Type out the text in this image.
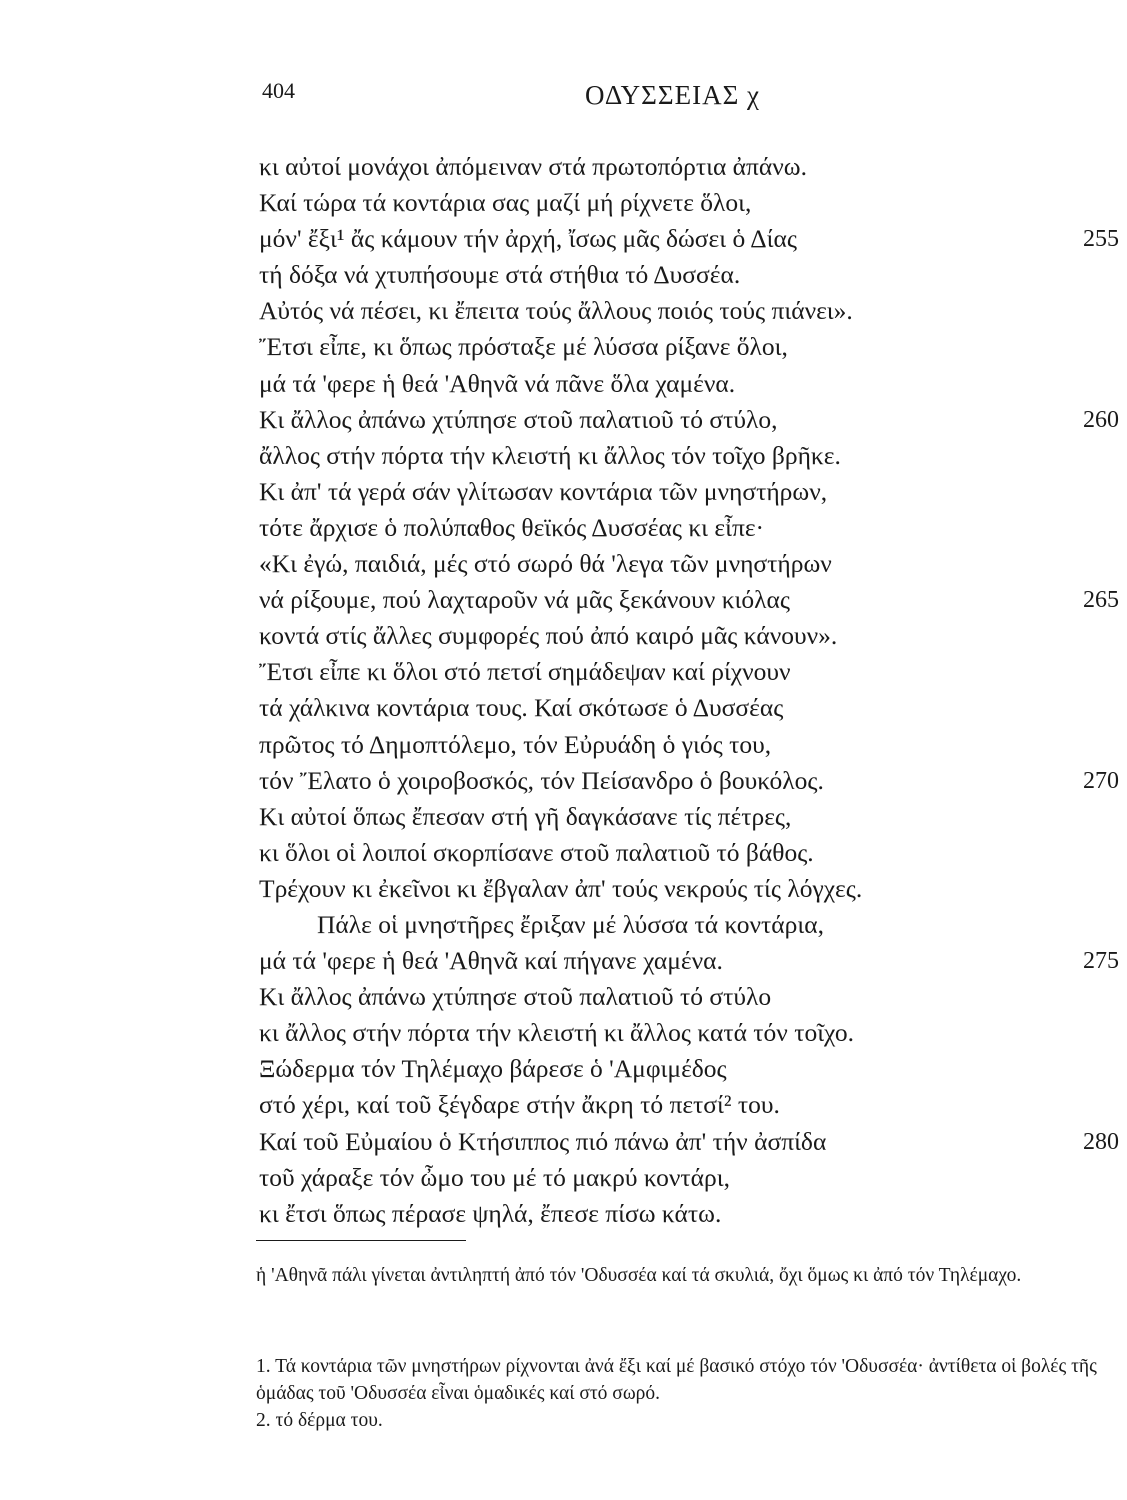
404	ΟΔΥΣΣΕΙΑΣ χ
κι αὐτοί μονάχοι ἀπόμειναν στά πρωτοπόρτια ἀπάνω.
Καί τώρα τά κοντάρια σας μαζί μή ρίχνετε ὅλοι,
μόν' ἔξι¹ ἄς κάμουν τήν ἀρχή, ἴσως μᾶς δώσει ὁ Δίας	255
τή δόξα νά χτυπήσουμε στά στήθια τό Δυσσέα.
Αὐτός νά πέσει, κι ἔπειτα τούς ἄλλους ποιός τούς πιάνει».
Ἔτσι εἶπε, κι ὅπως πρόσταξε μέ λύσσα ρίξανε ὅλοι,
μά τά 'φερε ἡ θεά 'Αθηνᾶ νά πᾶνε ὅλα χαμένα.
Κι ἄλλος ἀπάνω χτύπησε στοῦ παλατιοῦ τό στύλο,	260
ἄλλος στήν πόρτα τήν κλειστή κι ἄλλος τόν τοῖχο βρῆκε.
Κι ἀπ' τά γερά σάν γλίτωσαν κοντάρια τῶν μνηστήρων,
τότε ἄρχισε ὁ πολύπαθος θεϊκός Δυσσέας κι εἶπε·
«Κι ἐγώ, παιδιά, μές στό σωρό θά 'λεγα τῶν μνηστήρων
νά ρίξουμε, πού λαχταροῦν νά μᾶς ξεκάνουν κιόλας	265
κοντά στίς ἄλλες συμφορές πού ἀπό καιρό μᾶς κάνουν».
Ἔτσι εἶπε κι ὅλοι στό πετσί σημάδεψαν καί ρίχνουν
τά χάλκινα κοντάρια τους. Καί σκότωσε ὁ Δυσσέας
πρῶτος τό Δημοπτόλεμο, τόν Εὐρυάδη ὁ γιός του,
τόν Ἔλατο ὁ χοιροβοσκός, τόν Πείσανδρο ὁ βουκόλος.	270
Κι αὐτοί ὅπως ἔπεσαν στή γῆ δαγκάσανε τίς πέτρες,
κι ὅλοι οἱ λοιποί σκορπίσανε στοῦ παλατιοῦ τό βάθος.
Τρέχουν κι ἐκεῖνοι κι ἔβγαλαν ἀπ' τούς νεκρούς τίς λόγχες.
Πάλε οἱ μνηστῆρες ἔριξαν μέ λύσσα τά κοντάρια,
μά τά 'φερε ἡ θεά 'Αθηνᾶ καί πήγανε χαμένα.	275
Κι ἄλλος ἀπάνω χτύπησε στοῦ παλατιοῦ τό στύλο
κι ἄλλος στήν πόρτα τήν κλειστή κι ἄλλος κατά τόν τοῖχο.
Ξώδερμα τόν Τηλέμαχο βάρεσε ὁ 'Αμφιμέδος
στό χέρι, καί τοῦ ξέγδαρε στήν ἄκρη τό πετσί² του.
Καί τοῦ Εὐμαίου ὁ Κτήσιππος πιό πάνω ἀπ' τήν ἀσπίδα	280
τοῦ χάραξε τόν ὦμο του μέ τό μακρύ κοντάρι,
κι ἔτσι ὅπως πέρασε ψηλά, ἔπεσε πίσω κάτω.

ἡ 'Αθηνᾶ πάλι γίνεται ἀντιληπτή ἀπό τόν 'Οδυσσέα καί τά σκυλιά, ὄχι ὅμως κι ἀπό τόν Τηλέμαχο.

1. Τά κοντάρια τῶν μνηστήρων ρίχνονται ἀνά ἔξι καί μέ βασικό στόχο τόν 'Οδυσσέα· ἀντίθετα οἱ βολές τῆς ὁμάδας τοῦ 'Οδυσσέα εἶναι ὁμαδικές καί στό σωρό.

2. τό δέρμα του.
